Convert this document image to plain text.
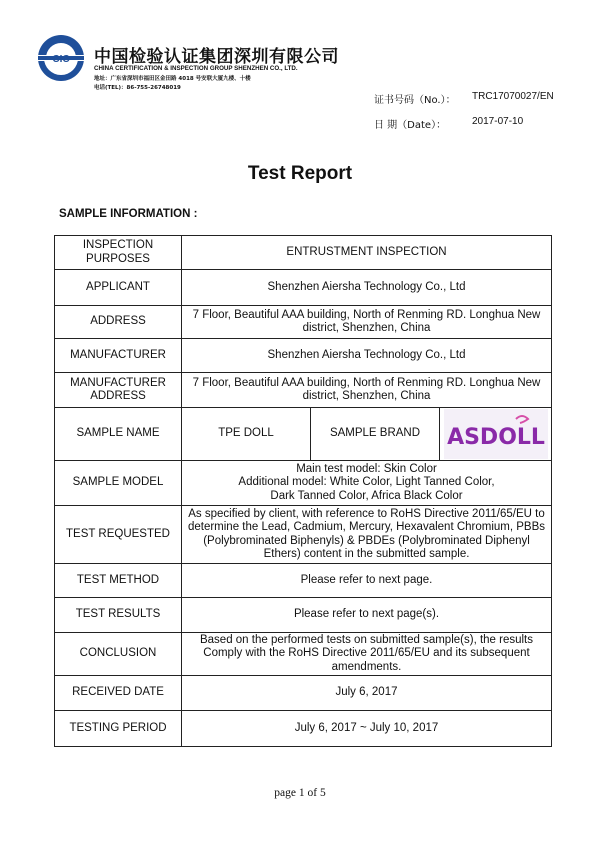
CIC 中国检验认证集团深圳有限公司
CHINA CERTIFICATION & INSPECTION GROUP SHENZHEN CO., LTD.
地址：广东省深圳市福田区金田路 4018 号安联大厦九楼、十楼
电话(TEL)：86-755-26748019
证书号码（No.）： TRC17070027/EN
日 期（Date）：	2017-07-10
Test Report
SAMPLE INFORMATION :
INSPECTION PURPOSES	ENTRUSTMENT INSPECTION		
APPLICANT	Shenzhen Aiersha Technology Co., Ltd		
ADDRESS	7 Floor, Beautiful AAA building, North of Renming RD. Longhua New district, Shenzhen, China		
MANUFACTURER	Shenzhen Aiersha Technology Co., Ltd		
MANUFACTURER ADDRESS	7 Floor, Beautiful AAA building, North of Renming RD. Longhua New district, Shenzhen, China		
SAMPLE NAME	TPE DOLL	SAMPLE BRAND	ASDOLL

SAMPLE MODEL	Main test model: Skin Color
Additional model: White Color, Light Tanned Color,
Dark Tanned Color, Africa Black Color		

TEST REQUESTED	As specified by client, with reference to RoHS Directive 2011/65/EU to determine the Lead, Cadmium, Mercury, Hexavalent Chromium, PBBs (Polybrominated Biphenyls) & PBDEs (Polybrominated Diphenyl Ethers) content in the submitted sample.		
TEST METHOD	Please refer to next page.		
TEST RESULTS	Please refer to next page(s).		
CONCLUSION	Based on the performed tests on submitted sample(s), the results Comply with the RoHS Directive 2011/65/EU and its subsequent amendments.		
RECEIVED DATE	July 6, 2017		
TESTING PERIOD	July 6, 2017 ~ July 10, 2017		
page 1 of 5
